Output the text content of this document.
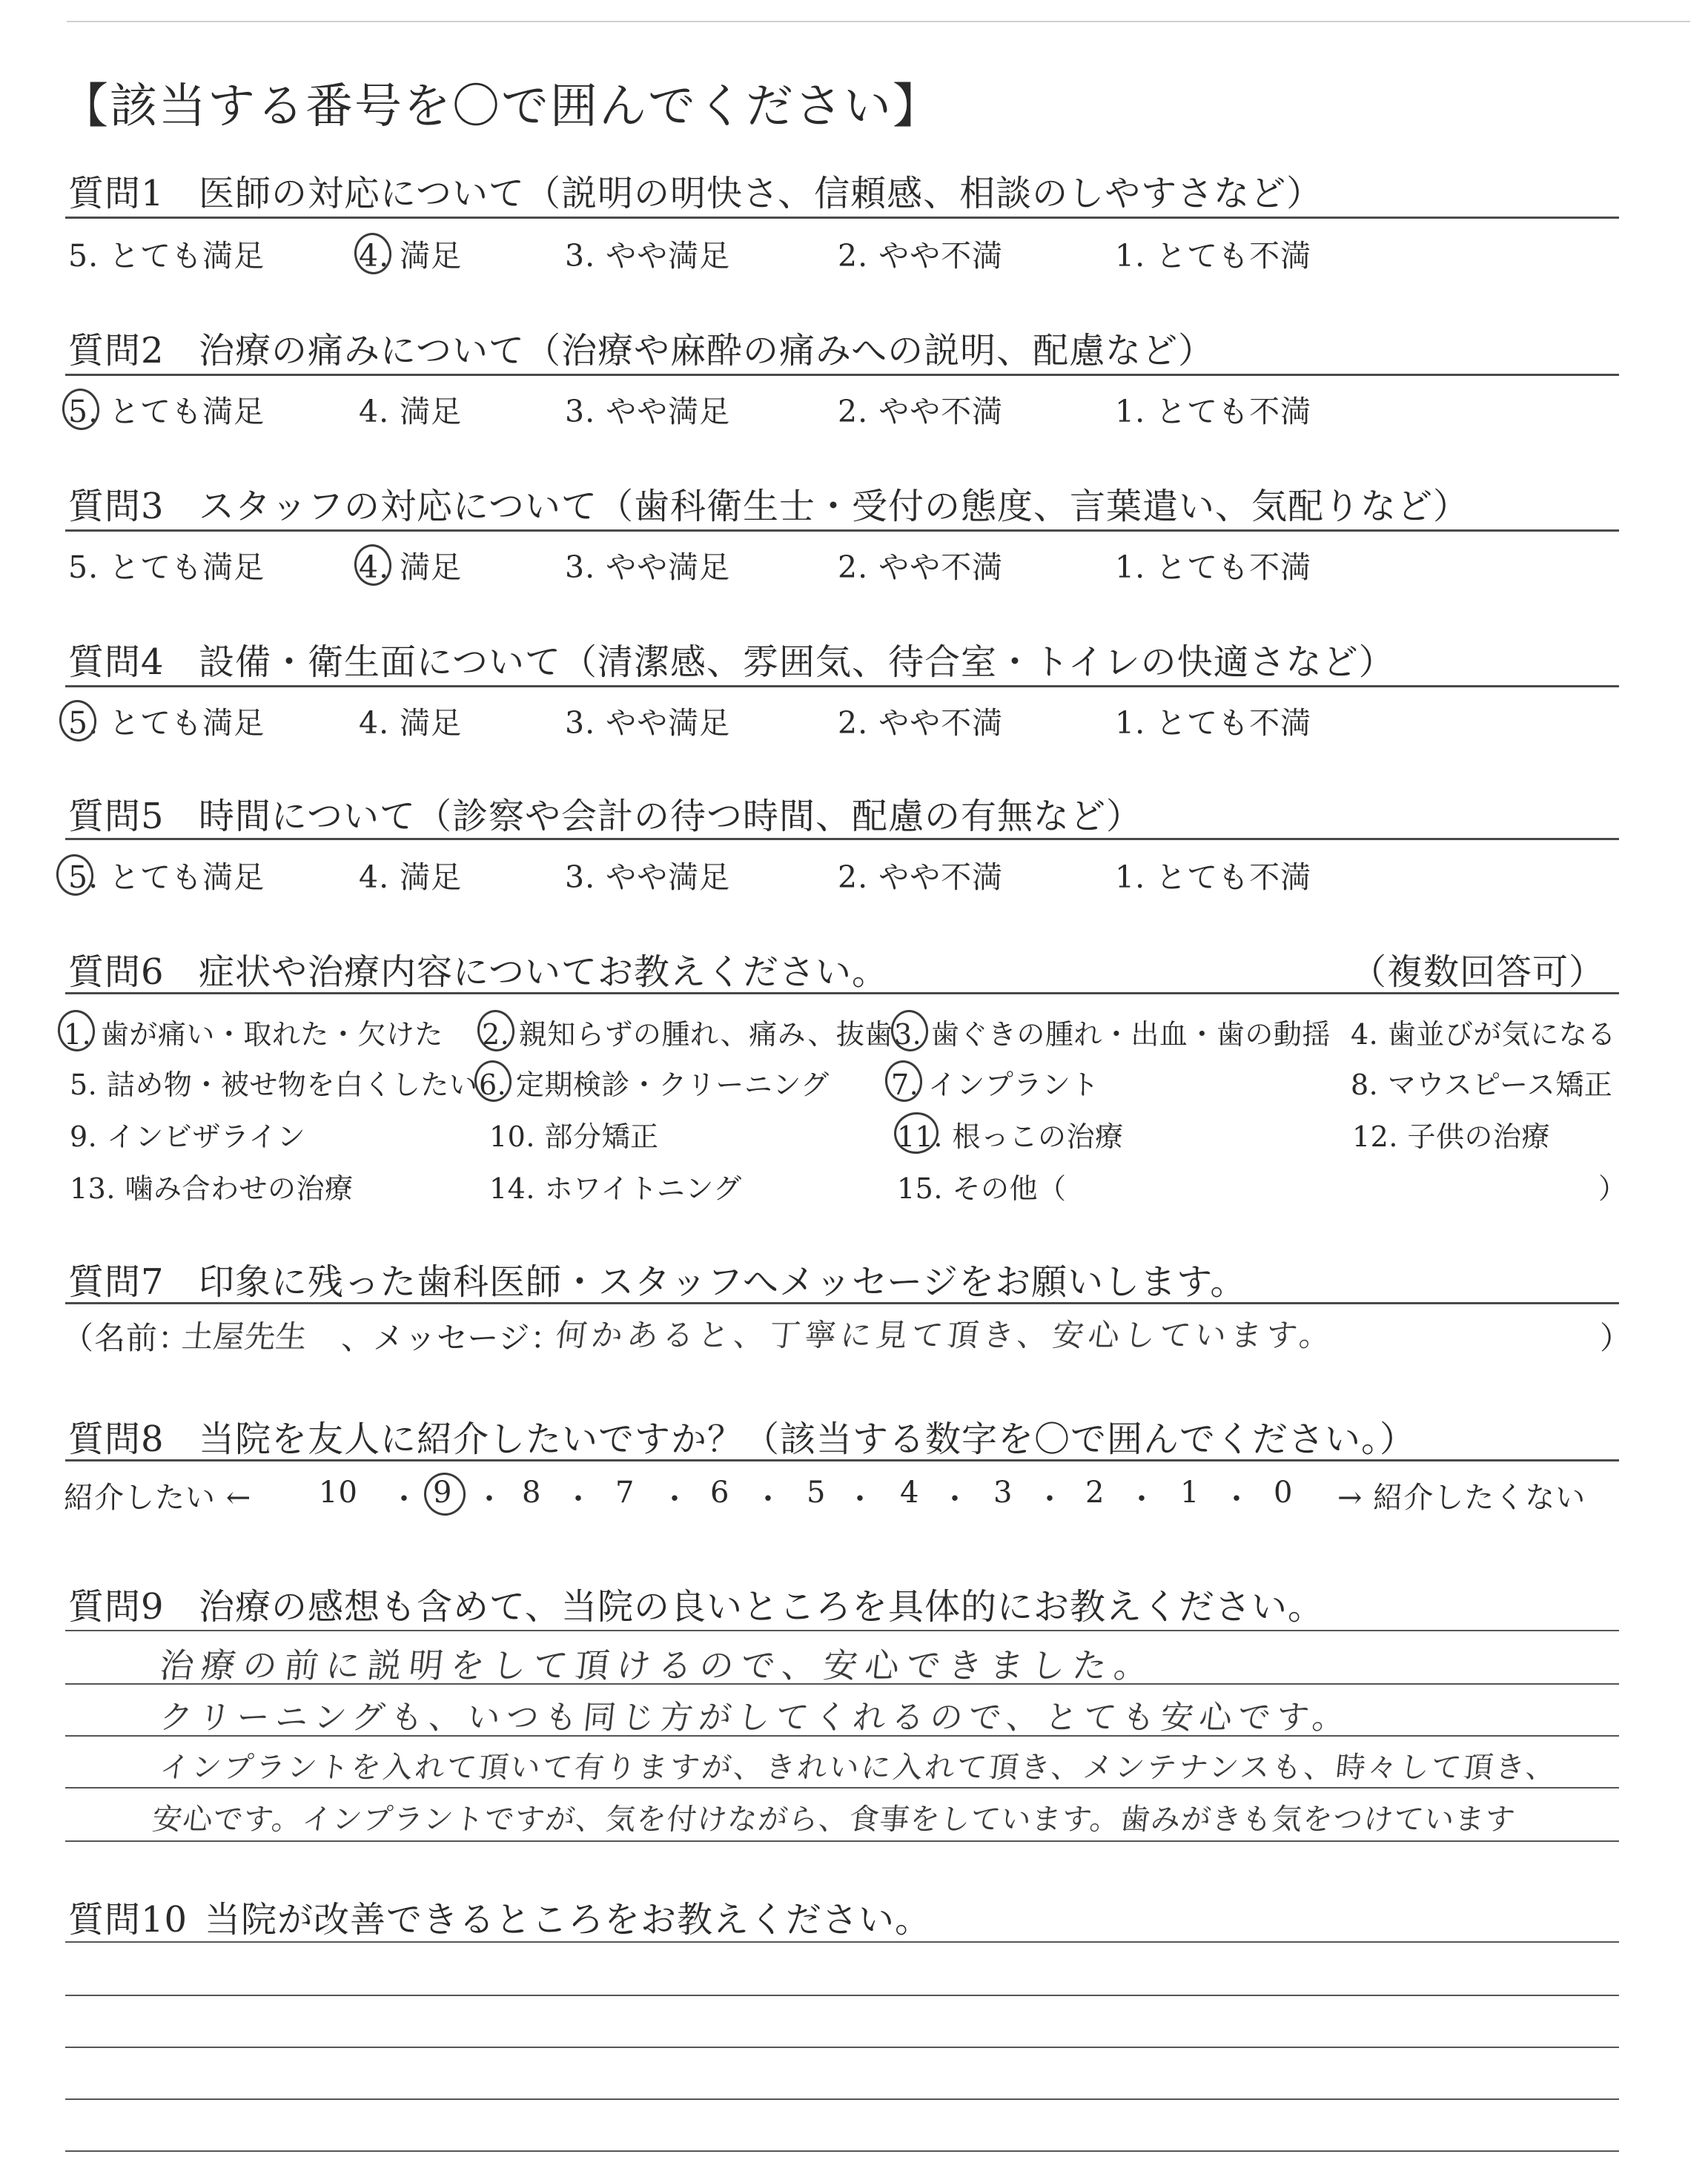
【該当する番号を〇で囲んでください】
質問1 医師の対応について（説明の明快さ、信頼感、相談のしやすさなど）
5. とても満足	4. 満足	3. やや満足	2. やや不満	1. とても不満
質問2 治療の痛みについて（治療や麻酔の痛みへの説明、配慮など）
5. とても満足	4. 満足	3. やや満足	2. やや不満	1. とても不満
質問3 スタッフの対応について（歯科衛生士・受付の態度、言葉遣い、気配りなど）
5. とても満足	4. 満足	3. やや満足	2. やや不満	1. とても不満
質問4 設備・衛生面について（清潔感、雰囲気、待合室・トイレの快適さなど）
5. とても満足	4. 満足	3. やや満足	2. やや不満	1. とても不満
質問5 時間について（診察や会計の待つ時間、配慮の有無など）
5. とても満足	4. 満足	3. やや満足	2. やや不満	1. とても不満
質問6 症状や治療内容についてお教えください。	（複数回答可）
1. 歯が痛い・取れた・欠けた 2. 親知らずの腫れ、痛み、抜歯 3. 歯ぐきの腫れ・出血・歯の動揺 4. 歯並びが気になる
5. 詰め物・被せ物を白くしたい 6. 定期検診・クリーニング 7. インプラント	8. マウスピース矯正
9. インビザライン	10. 部分矯正	11. 根っこの治療	12. 子供の治療
13. 噛み合わせの治療	14. ホワイトニング	15. その他（	）
質問7 印象に残った歯科医師・スタッフへメッセージをお願いします。
（名前：
土屋先生 、メッセージ：
何かあると、丁寧に見て頂き、安心しています。	）
質問8 当院を友人に紹介したいですか？（該当する数字を〇で囲んでください。）
紹介したい ← 10 ・ 9 ・ 8 ・ 7 ・ 6 ・ 5 ・ 4 ・ 3 ・ 2 ・ 1 ・ 0 → 紹介したくない
質問9 治療の感想も含めて、当院の良いところを具体的にお教えください。
治療の前に説明をして頂けるので、安心できました。
クリーニングも、いつも同じ方がしてくれるので、とても安心です。
インプラントを入れて頂いて有りますが、きれいに入れて頂き、メンテナンスも、時々して頂き、
安心です。インプラントですが、気を付けながら、食事をしています。歯みがきも気をつけています
質問10 当院が改善できるところをお教えください。
